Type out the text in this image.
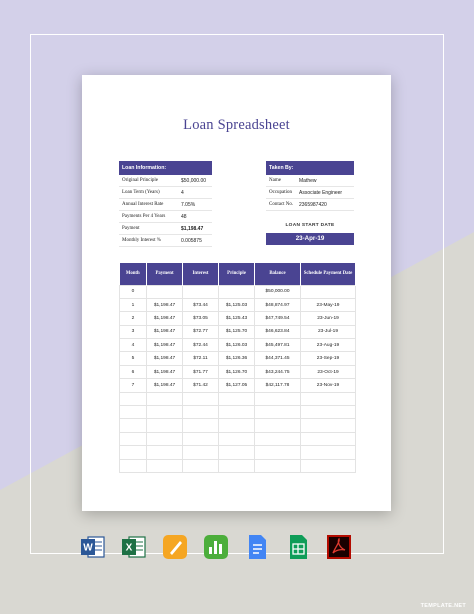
Loan Spreadsheet
Loan Information:
Original Principle	$50,000.00
Loan Term (Years)	4
Annual Interest Rate	7.05%
Payments Per 4 Years	48
Payment	$1,198.47
Monthly Interest %	0.005875
Taken By:
Name	Mathew
Occupation	Associate Engineer
Contact No.	2365987420
LOAN START DATE
23-Apr-19
Month	Payment	Interest	Principle	Balance	Schedule Payment Date
0				$50,000.00	
1	$1,198.47	$73.44	$1,125.03	$48,874.97	23-May-19
2	$1,198.47	$73.05	$1,125.43	$47,749.54	23-Jun-19
3	$1,198.47	$72.77	$1,125.70	$46,623.84	23-Jul-19
4	$1,198.47	$72.44	$1,126.03	$45,497.81	23-Aug-19
5	$1,198.47	$72.11	$1,126.36	$44,371.45	23-Sep-19
6	$1,198.47	$71.77	$1,126.70	$43,244.75	23-Oct-19
7	$1,198.47	$71.42	$1,127.05	$42,117.78	23-Nov-19

W	X
TEMPLATE.NET
